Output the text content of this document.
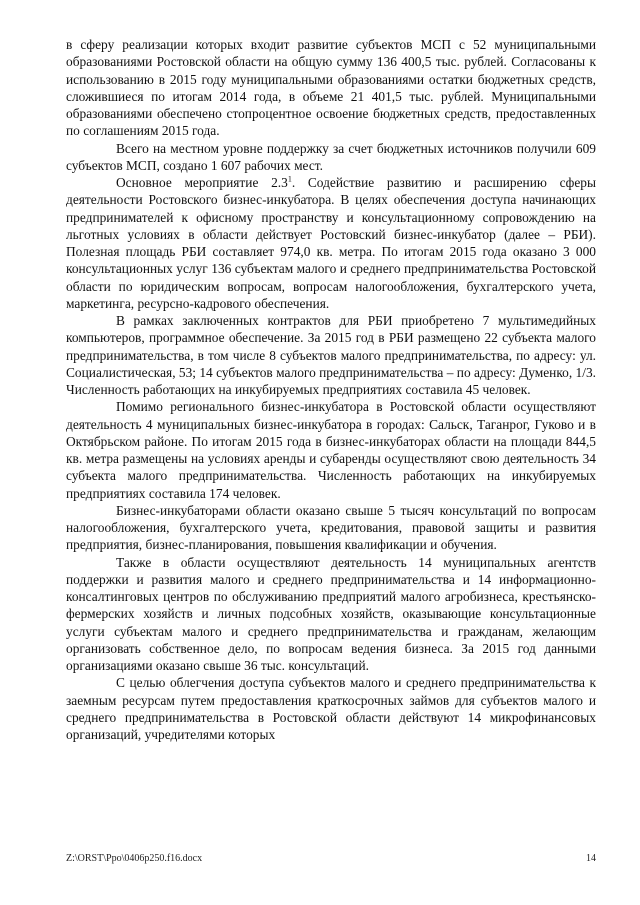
в сферу реализации которых входит развитие субъектов МСП с 52 муниципальными образованиями Ростовской области на общую сумму 136 400,5 тыс. рублей. Согласованы к использованию в 2015 году муниципальными образованиями остатки бюджетных средств, сложившиеся по итогам 2014 года, в объеме 21 401,5 тыс. рублей. Муниципальными образованиями обеспечено стопроцентное освоение бюджетных средств, предоставленных по соглашениям 2015 года.

Всего на местном уровне поддержку за счет бюджетных источников получили 609 субъектов МСП, создано 1 607 рабочих мест.

Основное мероприятие $2.3^1$. Содействие развитию и расширению сферы деятельности Ростовского бизнес-инкубатора. В целях обеспечения доступа начинающих предпринимателей к офисному пространству и консультационному сопровождению на льготных условиях в области действует Ростовский бизнес-инкубатор (далее – РБИ). Полезная площадь РБИ составляет 974,0 кв. метра. По итогам 2015 года оказано 3 000 консультационных услуг 136 субъектам малого и среднего предпринимательства Ростовской области по юридическим вопросам, вопросам налогообложения, бухгалтерского учета, маркетинга, ресурсно-кадрового обеспечения.

В рамках заключенных контрактов для РБИ приобретено 7 мультимедийных компьютеров, программное обеспечение. За 2015 год в РБИ размещено 22 субъекта малого предпринимательства, в том числе 8 субъектов малого предпринимательства, по адресу: ул. Социалистическая, 53; 14 субъектов малого предпринимательства – по адресу: Думенко, 1/3. Численность работающих на инкубируемых предприятиях составила 45 человек.

Помимо регионального бизнес-инкубатора в Ростовской области осуществляют деятельность 4 муниципальных бизнес-инкубатора в городах: Сальск, Таганрог, Гуково и в Октябрьском районе. По итогам 2015 года в бизнес-инкубаторах области на площади 844,5 кв. метра размещены на условиях аренды и субаренды осуществляют свою деятельность 34 субъекта малого предпринимательства. Численность работающих на инкубируемых предприятиях составила 174 человек.

Бизнес-инкубаторами области оказано свыше 5 тысяч консультаций по вопросам налогообложения, бухгалтерского учета, кредитования, правовой защиты и развития предприятия, бизнес-планирования, повышения квалификации и обучения.

Также в области осуществляют деятельность 14 муниципальных агентств поддержки и развития малого и среднего предпринимательства и 14 информационно-консалтинговых центров по обслуживанию предприятий малого агробизнеса, крестьянско-фермерских хозяйств и личных подсобных хозяйств, оказывающие консультационные услуги субъектам малого и среднего предпринимательства и гражданам, желающим организовать собственное дело, по вопросам ведения бизнеса. За 2015 год данными организациями оказано свыше 36 тыс. консультаций.

С целью облегчения доступа субъектов малого и среднего предпринимательства к заемным ресурсам путем предоставления краткосрочных займов для субъектов малого и среднего предпринимательства в Ростовской области действуют 14 микрофинансовых организаций, учредителями которых

Z:\ORST\Ppo\0406p250.f16.docx	14
